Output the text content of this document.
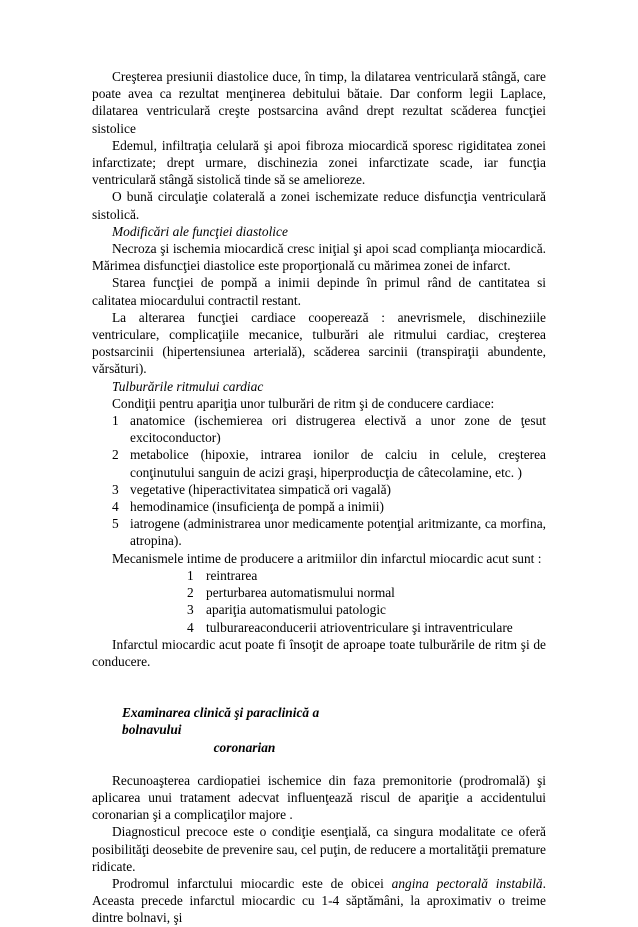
Creşterea presiunii diastolice duce, în timp, la dilatarea ventriculară stângă, care poate avea ca rezultat menţinerea debitului bătaie. Dar conform legii Laplace, dilatarea ventriculară creşte postsarcina având drept rezultat scăderea funcţiei sistolice

Edemul, infiltraţia celulară şi apoi fibroza miocardică sporesc rigiditatea zonei infarctizate; drept urmare, dischinezia zonei infarctizate scade, iar funcţia ventriculară stângă sistolică tinde să se amelioreze.

O bună circulaţie colaterală a zonei ischemizate reduce disfuncţia ventriculară sistolică.

Modificări ale funcţiei diastolice

Necroza şi ischemia miocardică cresc iniţial şi apoi scad complianţa miocardică. Mărimea disfuncţiei diastolice este proporţională cu mărimea zonei de infarct.

Starea funcţiei de pompă a inimii depinde în primul rând de cantitatea si calitatea miocardului contractil restant.

La alterarea funcţiei cardiace cooperează : anevrismele, dischineziile ventriculare, complicaţiile mecanice, tulburări ale ritmului cardiac, creşterea postsarcinii (hipertensiunea arterială), scăderea sarcinii (transpiraţii abundente, vărsături).

Tulburările ritmului cardiac

Condiţii pentru apariţia unor tulburări de ritm şi de conducere cardiace:

1 anatomice (ischemierea ori distrugerea electivă a unor zone de ţesut excitoconductor)
2 metabolice (hipoxie, intrarea ionilor de calciu in celule, creşterea conţinutului sanguin de acizi graşi, hiperproducţia de câtecolamine, etc. )
3 vegetative (hiperactivitatea simpatică ori vagală)
4 hemodinamice (insuficienţa de pompă a inimii)
5 iatrogene (administrarea unor medicamente potenţial aritmizante, ca morfina, atropina).

Mecanismele intime de producere a aritmiilor din infarctul miocardic acut sunt :

1 reintrarea
2 perturbarea automatismului normal
3 apariţia automatismului patologic
4 tulburareaconducerii atrioventriculare şi intraventriculare

Infarctul miocardic acut poate fi însoţit de aproape toate tulburările de ritm şi de conducere.

Examinarea clinică şi paraclinică a bolnavului
coronarian

Recunoaşterea cardiopatiei ischemice din faza premonitorie (prodromală) şi aplicarea unui tratament adecvat influenţează riscul de apariţie a accidentului coronarian şi a complicaţilor majore .

Diagnosticul precoce este o condiţie esenţială, ca singura modalitate ce oferă posibilităţi deosebite de prevenire sau, cel puţin, de reducere a mortalităţii premature ridicate.

Prodromul infarctului miocardic este de obicei angina pectorală instabilă. Aceasta precede infarctul miocardic cu 1-4 săptămâni, la aproximativ o treime dintre bolnavi, şi
